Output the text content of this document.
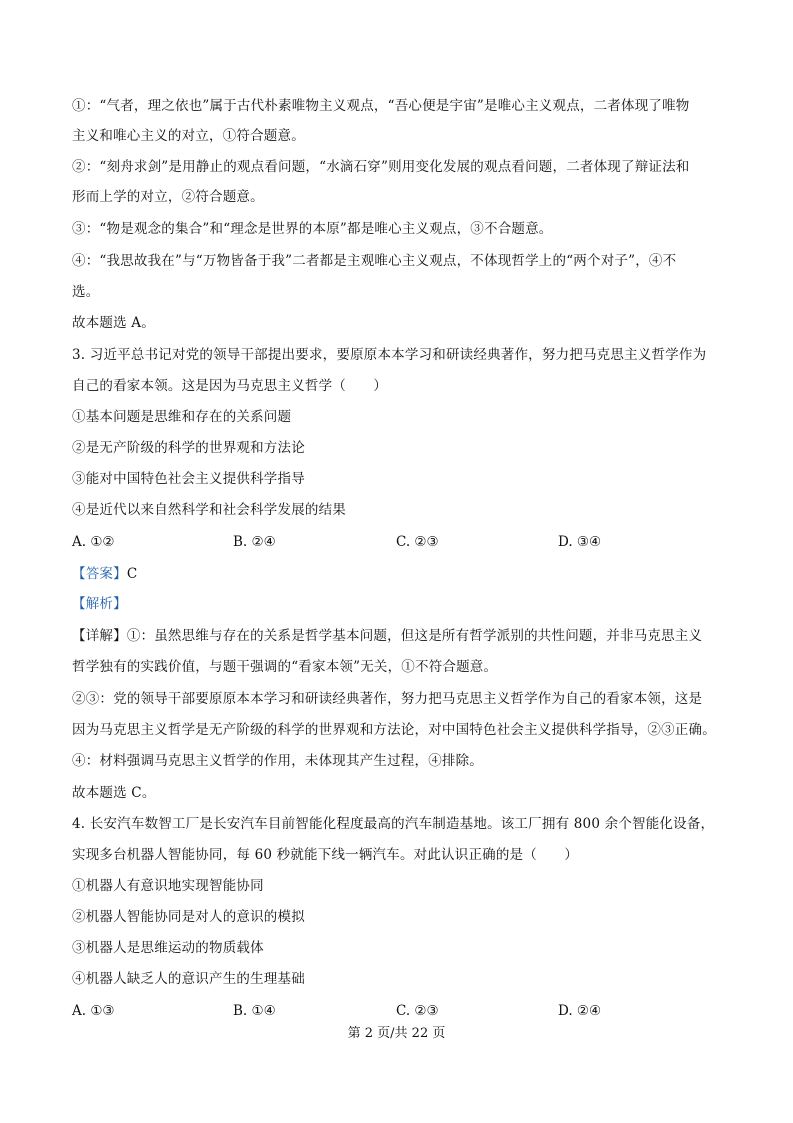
①：“气者，理之依也”属于古代朴素唯物主义观点，“吾心便是宇宙”是唯心主义观点，二者体现了唯物
主义和唯心主义的对立，①符合题意。
②：“刻舟求剑”是用静止的观点看问题，“水滴石穿”则用变化发展的观点看问题，二者体现了辩证法和
形而上学的对立，②符合题意。
③：“物是观念的集合”和“理念是世界的本原”都是唯心主义观点，③不合题意。
④：“我思故我在”与“万物皆备于我”二者都是主观唯心主义观点，不体现哲学上的“两个对子”，④不
选。
故本题选 A。
3. 习近平总书记对党的领导干部提出要求，要原原本本学习和研读经典著作，努力把马克思主义哲学作为
自己的看家本领。这是因为马克思主义哲学（　　）
①基本问题是思维和存在的关系问题
②是无产阶级的科学的世界观和方法论
③能对中国特色社会主义提供科学指导
④是近代以来自然科学和社会科学发展的结果
A. ①②	B. ②④	C. ②③	D. ③④
【答案】C
【解析】
【详解】①：虽然思维与存在的关系是哲学基本问题，但这是所有哲学派别的共性问题，并非马克思主义
哲学独有的实践价值，与题干强调的“看家本领”无关，①不符合题意。
②③：党的领导干部要原原本本学习和研读经典著作，努力把马克思主义哲学作为自己的看家本领，这是
因为马克思主义哲学是无产阶级的科学的世界观和方法论，对中国特色社会主义提供科学指导，②③正确。
④：材料强调马克思主义哲学的作用，未体现其产生过程，④排除。
故本题选 C。
4. 长安汽车数智工厂是长安汽车目前智能化程度最高的汽车制造基地。该工厂拥有 800 余个智能化设备，
实现多台机器人智能协同，每 60 秒就能下线一辆汽车。对此认识正确的是（　　）
①机器人有意识地实现智能协同
②机器人智能协同是对人的意识的模拟
③机器人是思维运动的物质载体
④机器人缺乏人的意识产生的生理基础
A. ①③	B. ①④	C. ②③	D. ②④
第 2 页/共 22 页
